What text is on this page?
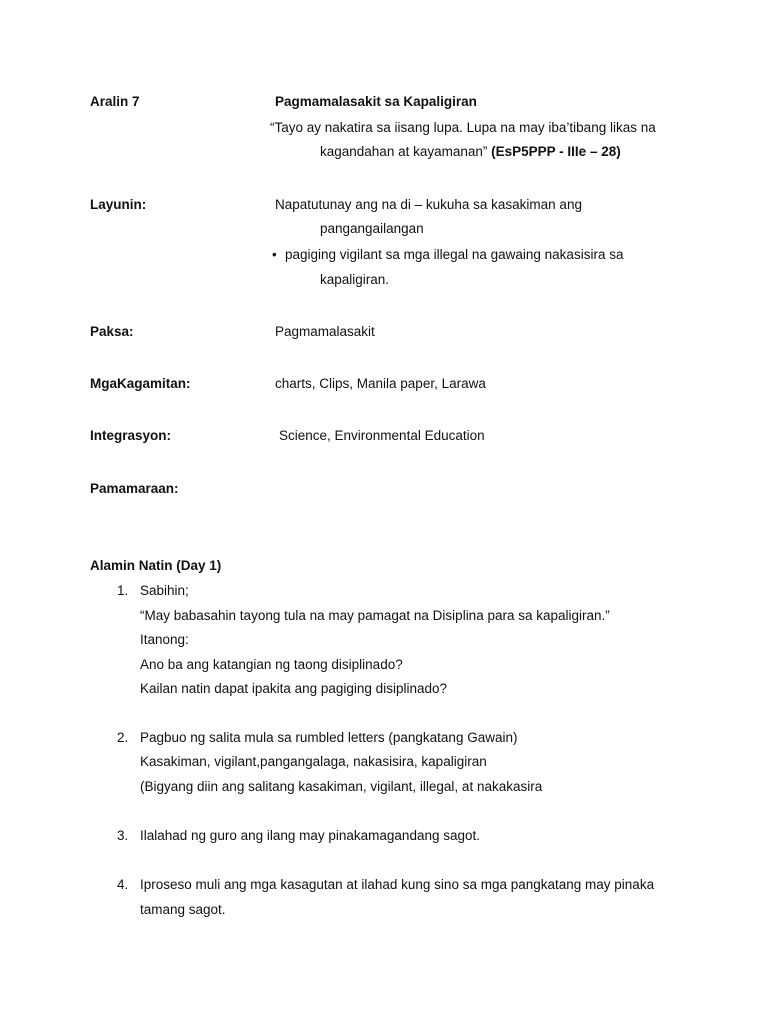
Aralin 7	Pagmamalasakit sa Kapaligiran
“Tayo ay nakatira sa iisang lupa. Lupa na may iba’tibang likas na
kagandahan at kayamanan” (EsP5PPP - IIIe – 28)
Layunin:	Napatutunay ang na di – kukuha sa kasakiman ang
pangangailangan
• pagiging vigilant sa mga illegal na gawaing nakasisira sa
kapaligiran.
Paksa:	Pagmamalasakit
MgaKagamitan:	charts, Clips, Manila paper, Larawa
Integrasyon:	Science, Environmental Education
Pamamaraan:
Alamin Natin (Day 1)
1. Sabihin;
“May babasahin tayong tula na may pamagat na Disiplina para sa kapaligiran.”
Itanong:
Ano ba ang katangian ng taong disiplinado?
Kailan natin dapat ipakita ang pagiging disiplinado?
2. Pagbuo ng salita mula sa rumbled letters (pangkatang Gawain)
Kasakiman, vigilant,pangangalaga, nakasisira, kapaligiran
(Bigyang diin ang salitang kasakiman, vigilant, illegal, at nakakasira
3. Ilalahad ng guro ang ilang may pinakamagandang sagot.
4. Iproseso muli ang mga kasagutan at ilahad kung sino sa mga pangkatang may pinaka
tamang sagot.
